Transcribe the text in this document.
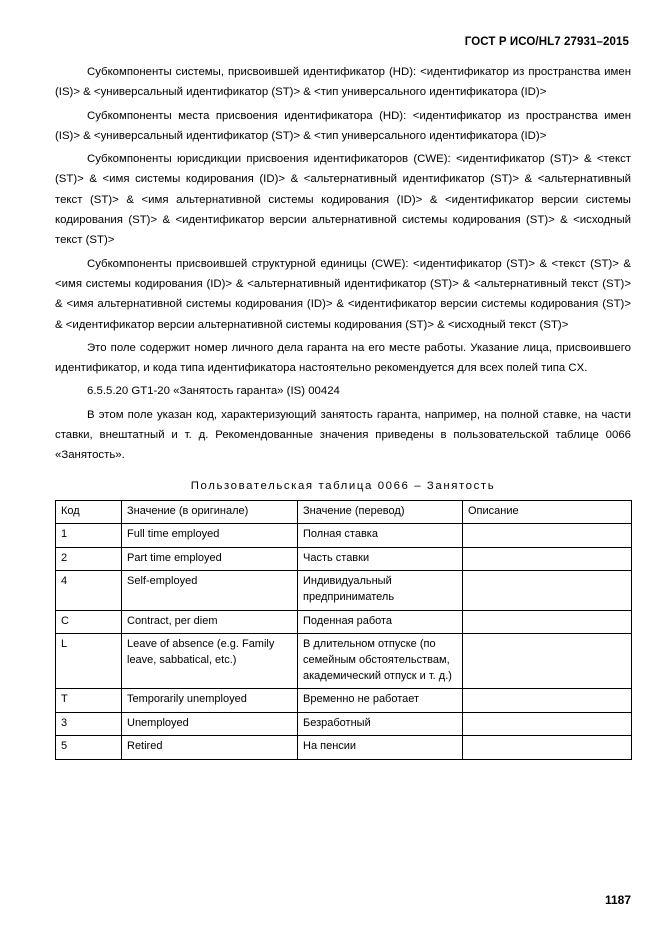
ГОСТ Р ИСО/HL7 27931–2015

Субкомпоненты системы, присвоившей идентификатор (HD): <идентификатор из пространства имен (IS)> & <универсальный идентификатор (ST)> & <тип универсального идентификатора (ID)>

Субкомпоненты места присвоения идентификатора (HD): <идентификатор из пространства имен (IS)> & <универсальный идентификатор (ST)> & <тип универсального идентификатора (ID)>

Субкомпоненты юрисдикции присвоения идентификаторов (CWE): <идентификатор (ST)> & <текст (ST)> & <имя системы кодирования (ID)> & <альтернативный идентификатор (ST)> & <альтернативный текст (ST)> & <имя альтернативной системы кодирования (ID)> & <идентификатор версии системы кодирования (ST)> & <идентификатор версии альтернативной системы кодирования (ST)> & <исходный текст (ST)>

Субкомпоненты присвоившей структурной единицы (CWE): <идентификатор (ST)> & <текст (ST)> & <имя системы кодирования (ID)> & <альтернативный идентификатор (ST)> & <альтернативный текст (ST)> & <имя альтернативной системы кодирования (ID)> & <идентификатор версии системы кодирования (ST)> & <идентификатор версии альтернативной системы кодирования (ST)> & <исходный текст (ST)>

Это поле содержит номер личного дела гаранта на его месте работы. Указание лица, присвоившего идентификатор, и кода типа идентификатора настоятельно рекомендуется для всех полей типа CX.

6.5.5.20 GT1-20 «Занятость гаранта» (IS) 00424

В этом поле указан код, характеризующий занятость гаранта, например, на полной ставке, на части ставки, внештатный и т. д. Рекомендованные значения приведены в пользовательской таблице 0066 «Занятость».

Пользовательская таблица 0066 – Занятость
Код	Значение (в оригинале)	Значение (перевод)	Описание
1	Full time employed	Полная ставка	
2	Part time employed	Часть ставки	
4	Self-employed	Индивидуальный предприниматель	
C	Contract, per diem	Поденная работа	
L	Leave of absence (e.g. Family leave, sabbatical, etc.)	В длительном отпуске (по семейным обстоятельствам, академический отпуск и т. д.)	
T	Temporarily unemployed	Временно не работает	
3	Unemployed	Безработный	
5	Retired	На пенсии	
1187
